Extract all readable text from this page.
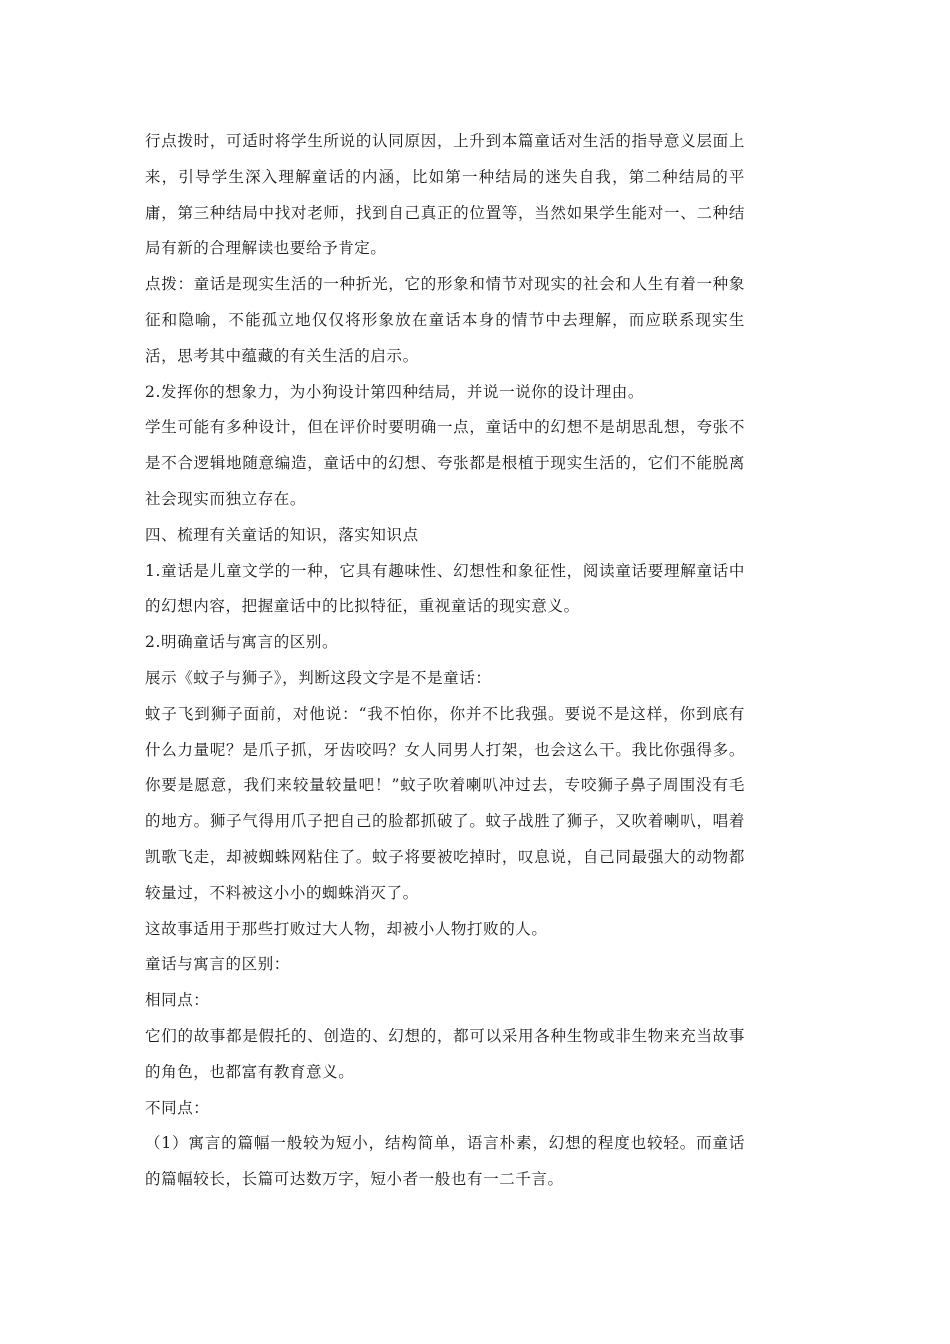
行点拨时，可适时将学生所说的认同原因，上升到本篇童话对生活的指导意义层面上来，引导学生深入理解童话的内涵，比如第一种结局的迷失自我，第二种结局的平庸，第三种结局中找对老师，找到自己真正的位置等，当然如果学生能对一、二种结局有新的合理解读也要给予肯定。

点拨：童话是现实生活的一种折光，它的形象和情节对现实的社会和人生有着一种象征和隐喻，不能孤立地仅仅将形象放在童话本身的情节中去理解，而应联系现实生活，思考其中蕴藏的有关生活的启示。

2.发挥你的想象力，为小狗设计第四种结局，并说一说你的设计理由。

学生可能有多种设计，但在评价时要明确一点，童话中的幻想不是胡思乱想，夸张不是不合逻辑地随意编造，童话中的幻想、夸张都是根植于现实生活的，它们不能脱离社会现实而独立存在。

四、梳理有关童话的知识，落实知识点

1.童话是儿童文学的一种，它具有趣味性、幻想性和象征性，阅读童话要理解童话中的幻想内容，把握童话中的比拟特征，重视童话的现实意义。

2.明确童话与寓言的区别。

展示《蚊子与狮子》，判断这段文字是不是童话：

蚊子飞到狮子面前，对他说：“我不怕你，你并不比我强。要说不是这样，你到底有什么力量呢？是爪子抓，牙齿咬吗？女人同男人打架，也会这么干。我比你强得多。你要是愿意，我们来较量较量吧！”蚊子吹着喇叭冲过去，专咬狮子鼻子周围没有毛的地方。狮子气得用爪子把自己的脸都抓破了。蚊子战胜了狮子，又吹着喇叭，唱着凯歌飞走，却被蜘蛛网粘住了。蚊子将要被吃掉时，叹息说，自己同最强大的动物都较量过，不料被这小小的蜘蛛消灭了。

这故事适用于那些打败过大人物，却被小人物打败的人。

童话与寓言的区别：

相同点：

它们的故事都是假托的、创造的、幻想的，都可以采用各种生物或非生物来充当故事的角色，也都富有教育意义。

不同点：

（1）寓言的篇幅一般较为短小，结构简单，语言朴素，幻想的程度也较轻。而童话的篇幅较长，长篇可达数万字，短小者一般也有一二千言。
